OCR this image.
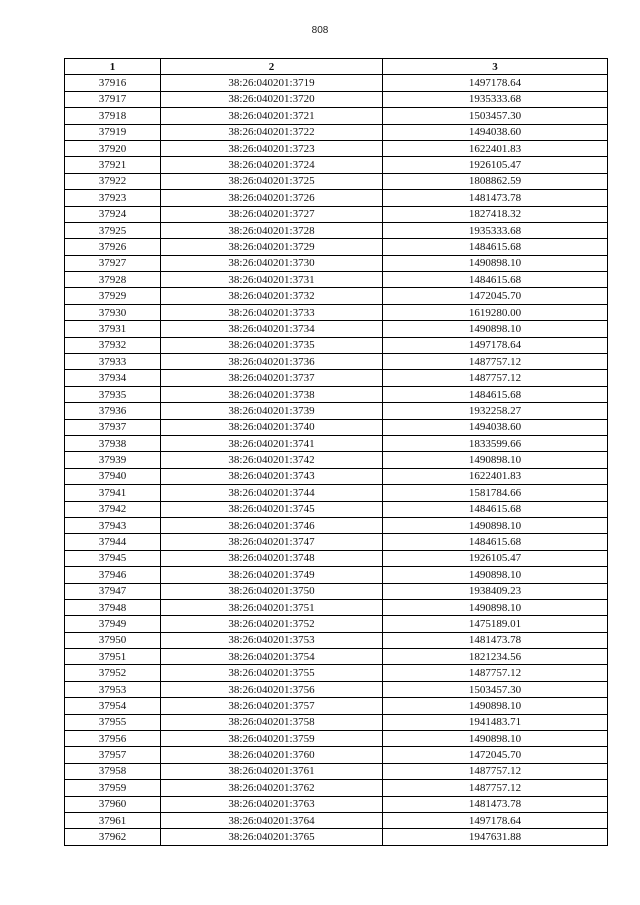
808
1	2	3
37916	38:26:040201:3719	1497178.64
37917	38:26:040201:3720	1935333.68
37918	38:26:040201:3721	1503457.30
37919	38:26:040201:3722	1494038.60
37920	38:26:040201:3723	1622401.83
37921	38:26:040201:3724	1926105.47
37922	38:26:040201:3725	1808862.59
37923	38:26:040201:3726	1481473.78
37924	38:26:040201:3727	1827418.32
37925	38:26:040201:3728	1935333.68
37926	38:26:040201:3729	1484615.68
37927	38:26:040201:3730	1490898.10
37928	38:26:040201:3731	1484615.68
37929	38:26:040201:3732	1472045.70
37930	38:26:040201:3733	1619280.00
37931	38:26:040201:3734	1490898.10
37932	38:26:040201:3735	1497178.64
37933	38:26:040201:3736	1487757.12
37934	38:26:040201:3737	1487757.12
37935	38:26:040201:3738	1484615.68
37936	38:26:040201:3739	1932258.27
37937	38:26:040201:3740	1494038.60
37938	38:26:040201:3741	1833599.66
37939	38:26:040201:3742	1490898.10
37940	38:26:040201:3743	1622401.83
37941	38:26:040201:3744	1581784.66
37942	38:26:040201:3745	1484615.68
37943	38:26:040201:3746	1490898.10
37944	38:26:040201:3747	1484615.68
37945	38:26:040201:3748	1926105.47
37946	38:26:040201:3749	1490898.10
37947	38:26:040201:3750	1938409.23
37948	38:26:040201:3751	1490898.10
37949	38:26:040201:3752	1475189.01
37950	38:26:040201:3753	1481473.78
37951	38:26:040201:3754	1821234.56
37952	38:26:040201:3755	1487757.12
37953	38:26:040201:3756	1503457.30
37954	38:26:040201:3757	1490898.10
37955	38:26:040201:3758	1941483.71
37956	38:26:040201:3759	1490898.10
37957	38:26:040201:3760	1472045.70
37958	38:26:040201:3761	1487757.12
37959	38:26:040201:3762	1487757.12
37960	38:26:040201:3763	1481473.78
37961	38:26:040201:3764	1497178.64
37962	38:26:040201:3765	1947631.88
